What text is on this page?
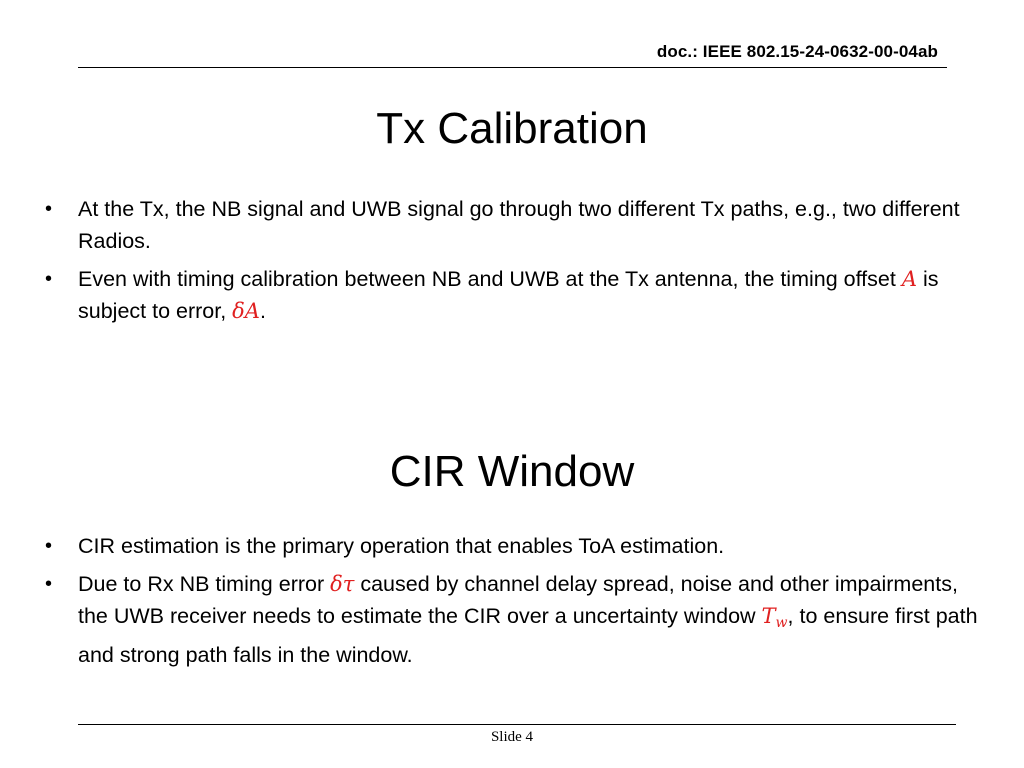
doc.: IEEE 802.15-24-0632-00-04ab
Tx Calibration
• At the Tx, the NB signal and UWB signal go through two different Tx paths, e.g., two different Radios.
• Even with timing calibration between NB and UWB at the Tx antenna, the timing offset A is subject to error, δA.
CIR Window
• CIR estimation is the primary operation that enables ToA estimation.
• Due to Rx NB timing error δτ caused by channel delay spread, noise and other impairments, the UWB receiver needs to estimate the CIR over a uncertainty window $T_w$, to ensure first path and strong path falls in the window.
Slide 4
